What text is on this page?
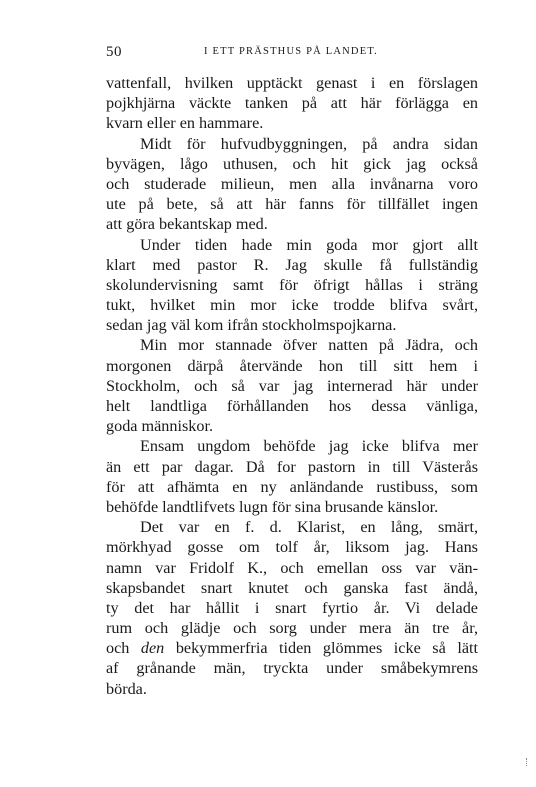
50	I ETT PRÄSTHUS PÅ LANDET.
vattenfall, hvilken upptäckt genast i en förslagen
pojkhjärna väckte tanken på att här förlägga en
kvarn eller en hammare.
Midt för hufvudbyggningen, på andra sidan
byvägen, lågo uthusen, och hit gick jag också
och studerade milieun, men alla invånarna voro
ute på bete, så att här fanns för tillfället ingen
att göra bekantskap med.
Under tiden hade min goda mor gjort allt
klart med pastor R. Jag skulle få fullständig
skolundervisning samt för öfrigt hållas i sträng
tukt, hvilket min mor icke trodde blifva svårt,
sedan jag väl kom ifrån stockholmspojkarna.
Min mor stannade öfver natten på Jädra, och
morgonen därpå återvände hon till sitt hem i
Stockholm, och så var jag internerad här under
helt landtliga förhållanden hos dessa vänliga,
goda människor.
Ensam ungdom behöfde jag icke blifva mer
än ett par dagar. Då for pastorn in till Västerås
för att afhämta en ny anländande rustibuss, som
behöfde landtlifvets lugn för sina brusande känslor.
Det var en f. d. Klarist, en lång, smärt,
mörkhyad gosse om tolf år, liksom jag. Hans
namn var Fridolf K., och emellan oss var vän-
skapsbandet snart knutet och ganska fast ändå,
ty det har hållit i snart fyrtio år. Vi delade
rum och glädje och sorg under mera än tre år,
och den bekymmerfria tiden glömmes icke så lätt
af grånande män, tryckta under småbekymrens
börda.
